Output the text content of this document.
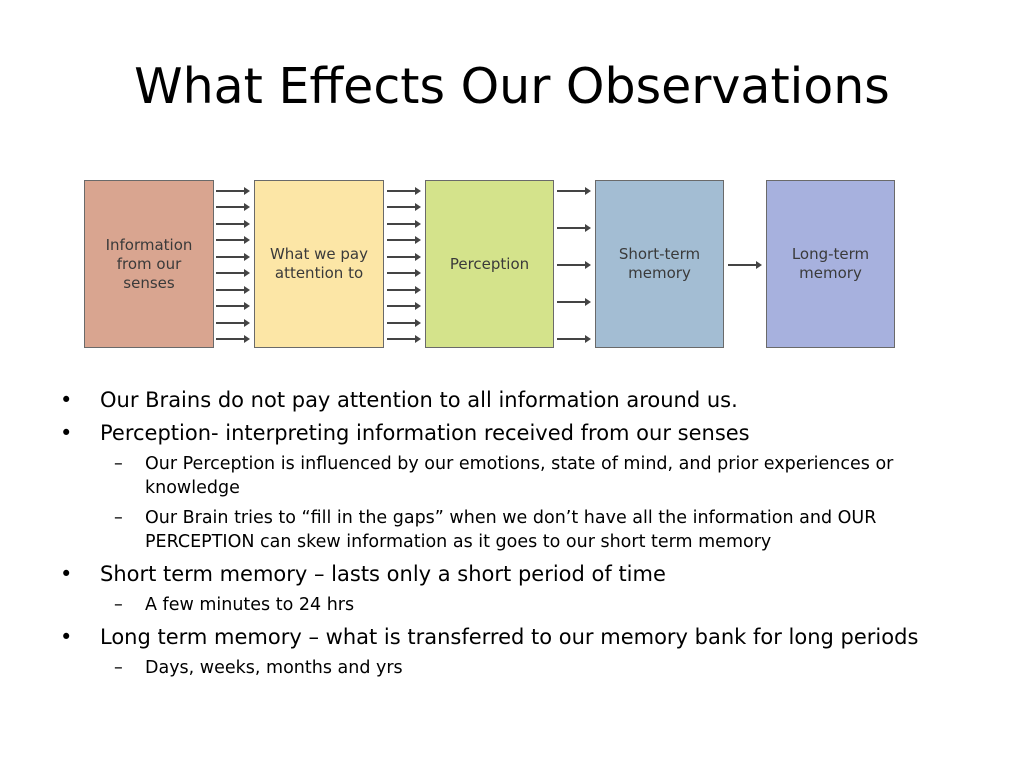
What Effects Our Observations
Information from our senses
What we pay attention to
Perception
Short-term memory
Long-term memory
• Our Brains do not pay attention to all information around us.
• Perception- interpreting information received from our senses
– Our Perception is influenced by our emotions, state of mind, and prior experiences or knowledge
– Our Brain tries to “fill in the gaps” when we don’t have all the information and OUR PERCEPTION can skew information as it goes to our short term memory
• Short term memory – lasts only a short period of time
– A few minutes to 24 hrs
• Long term memory – what is transferred to our memory bank for long periods
– Days, weeks, months and yrs
